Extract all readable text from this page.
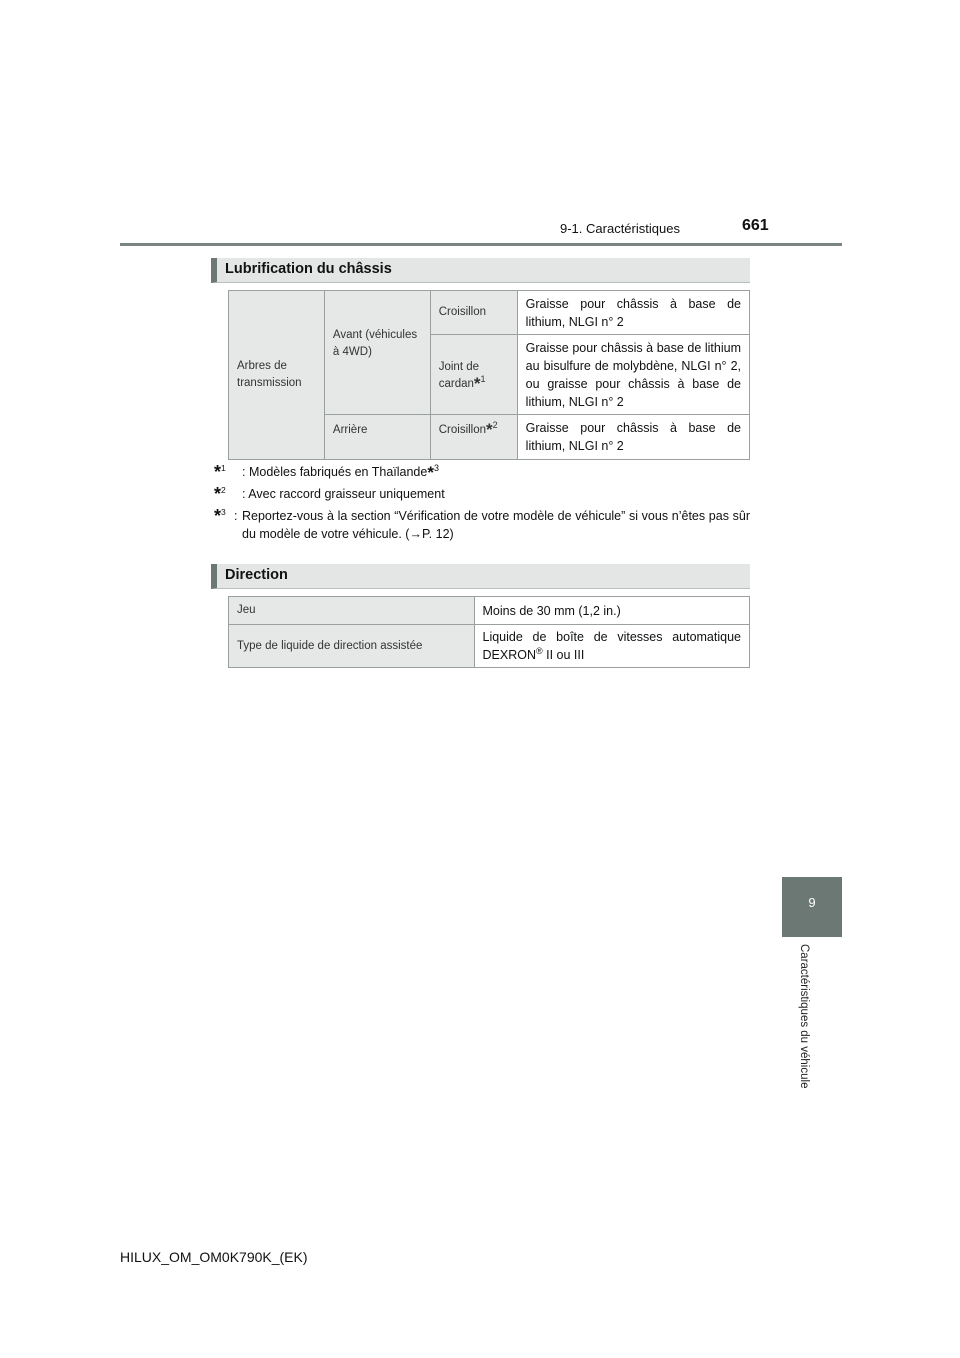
9-1. Caractéristiques	661
9
Caractéristiques du véhicule
Lubrification du châssis
Arbres de transmission	Avant (véhicules à 4WD)	Croisillon	Graisse pour châssis à base de lithium, NLGI n° 2
		Joint de cardan*$^1$	Graisse pour châssis à base de lithium au bisulfure de molybdène, NLGI n° 2, ou graisse pour châssis à base de lithium, NLGI n° 2
	Arrière	Croisillon*$^2$	Graisse pour châssis à base de lithium, NLGI n° 2
*$^1$ : Modèles fabriqués en Thaïlande*$^3$
*$^2$ : Avec raccord graisseur uniquement
*$^3$ : Reportez-vous à la section “Vérification de votre modèle de véhicule” si vous n’êtes pas sûr du modèle de votre véhicule. (→P. 12)
Direction
Jeu	Moins de 30 mm (1,2 in.)
Type de liquide de direction assistée	Liquide de boîte de vitesses automatique DEXRON® II ou III
HILUX_OM_OM0K790K_(EK)
